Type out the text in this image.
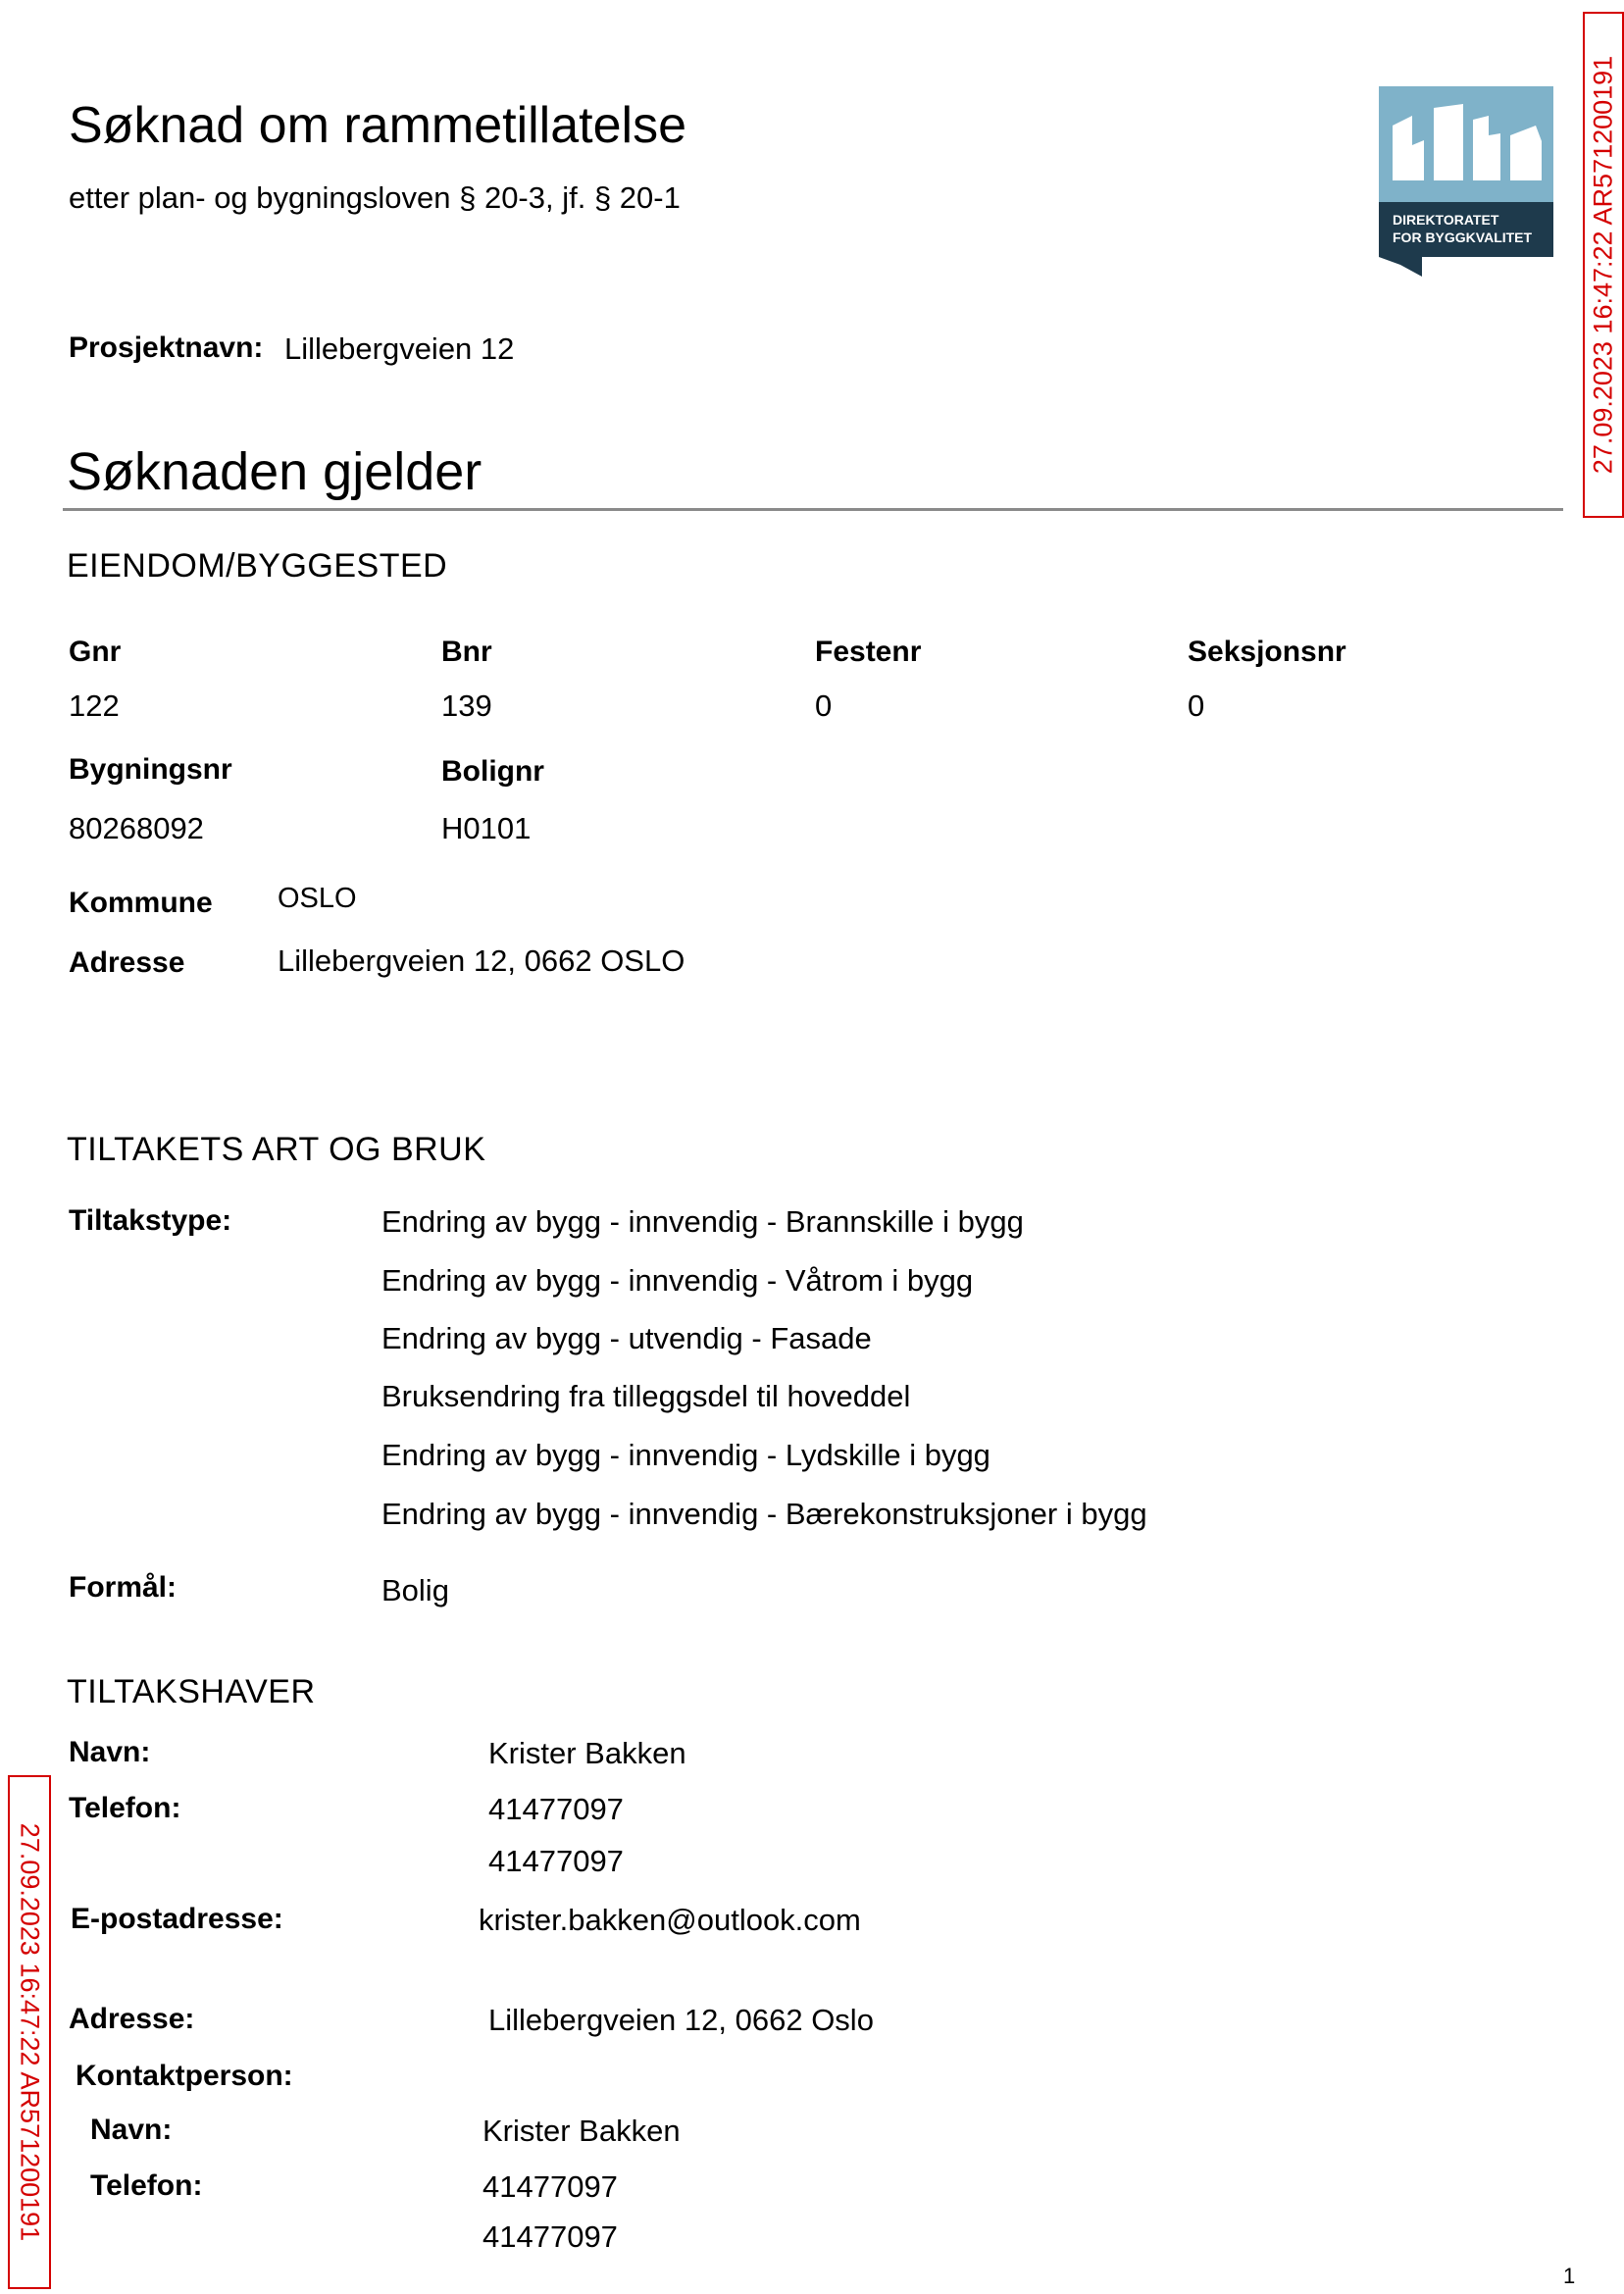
Søknad om rammetillatelse
etter plan- og bygningsloven § 20-3, jf. § 20-1
DIREKTORATET
FOR BYGGKVALITET 27.09.2023 16:47:22 AR571200191
27.09.2023 16:47:22 AR571200191
Prosjektnavn: Lillebergveien 12
Søknaden gjelder
EIENDOM/BYGGESTED
Gnr
122
Bnr
139
Festenr
0
Seksjonsnr
0
Bygningsnr
80268092
Bolignr
H0101
Kommune OSLO
Adresse	Lillebergveien 12, 0662 OSLO
TILTAKETS ART OG BRUK
Tiltakstype:	Endring av bygg - innvendig - Brannskille i bygg
Endring av bygg - innvendig - Våtrom i bygg
Endring av bygg - utvendig - Fasade
Bruksendring fra tilleggsdel til hoveddel
Endring av bygg - innvendig - Lydskille i bygg
Endring av bygg - innvendig - Bærekonstruksjoner i bygg
Formål:	Bolig
TILTAKSHAVER
Navn:	Krister Bakken
Telefon:	41477097
41477097
E-postadresse:	krister.bakken@outlook.com
Adresse:	Lillebergveien 12, 0662 Oslo
Kontaktperson:
Navn:	Krister Bakken
Telefon:	41477097
41477097
1
